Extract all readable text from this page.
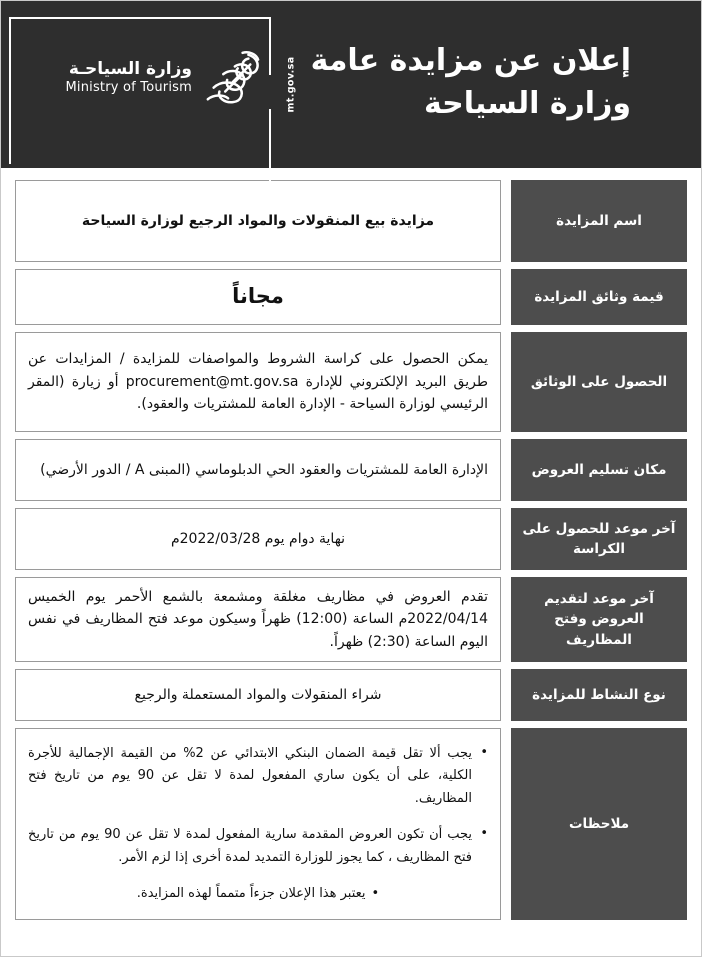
إعلان عن مزايدة عامة
وزارة السياحة
mt.gov.sa
وزارة السياحـة
Ministry of Tourism
اسم المزايدة
مزايدة بيع المنقولات والمواد الرجيع لوزارة السياحة
قيمة وثائق المزايدة
مجاناً
الحصول على الوثائق
يمكن الحصول على كراسة الشروط والمواصفات للمزايدة / المزايدات عن طريق البريد الإلكتروني للإدارة procurement@mt.gov.sa أو زيارة (المقر الرئيسي لوزارة السياحة - الإدارة العامة للمشتريات والعقود).
مكان تسليم العروض
الإدارة العامة للمشتريات والعقود الحي الدبلوماسي (المبنى A / الدور الأرضي)
آخر موعد للحصول على الكراسة
نهاية دوام يوم 2022/03/28م
آخر موعد لتقديم العروض وفتح المظاريف
تقدم العروض في مظاريف مغلقة ومشمعة بالشمع الأحمر يوم الخميس 2022/04/14م الساعة (12:00) ظهراً وسيكون موعد فتح المظاريف في نفس اليوم الساعة (2:30) ظهراً.
نوع النشاط للمزايدة
شراء المنقولات والمواد المستعملة والرجيع
ملاحظات
• يجب ألا تقل قيمة الضمان البنكي الابتدائي عن 2% من القيمة الإجمالية للأجرة الكلية، على أن يكون ساري المفعول لمدة لا تقل عن 90 يوم من تاريخ فتح المظاريف.
• يجب أن تكون العروض المقدمة سارية المفعول لمدة لا تقل عن 90 يوم من تاريخ فتح المظاريف ، كما يجوز للوزارة التمديد لمدة أخرى إذا لزم الأمر.
• يعتبر هذا الإعلان جزءاً متمماً لهذه المزايدة.
